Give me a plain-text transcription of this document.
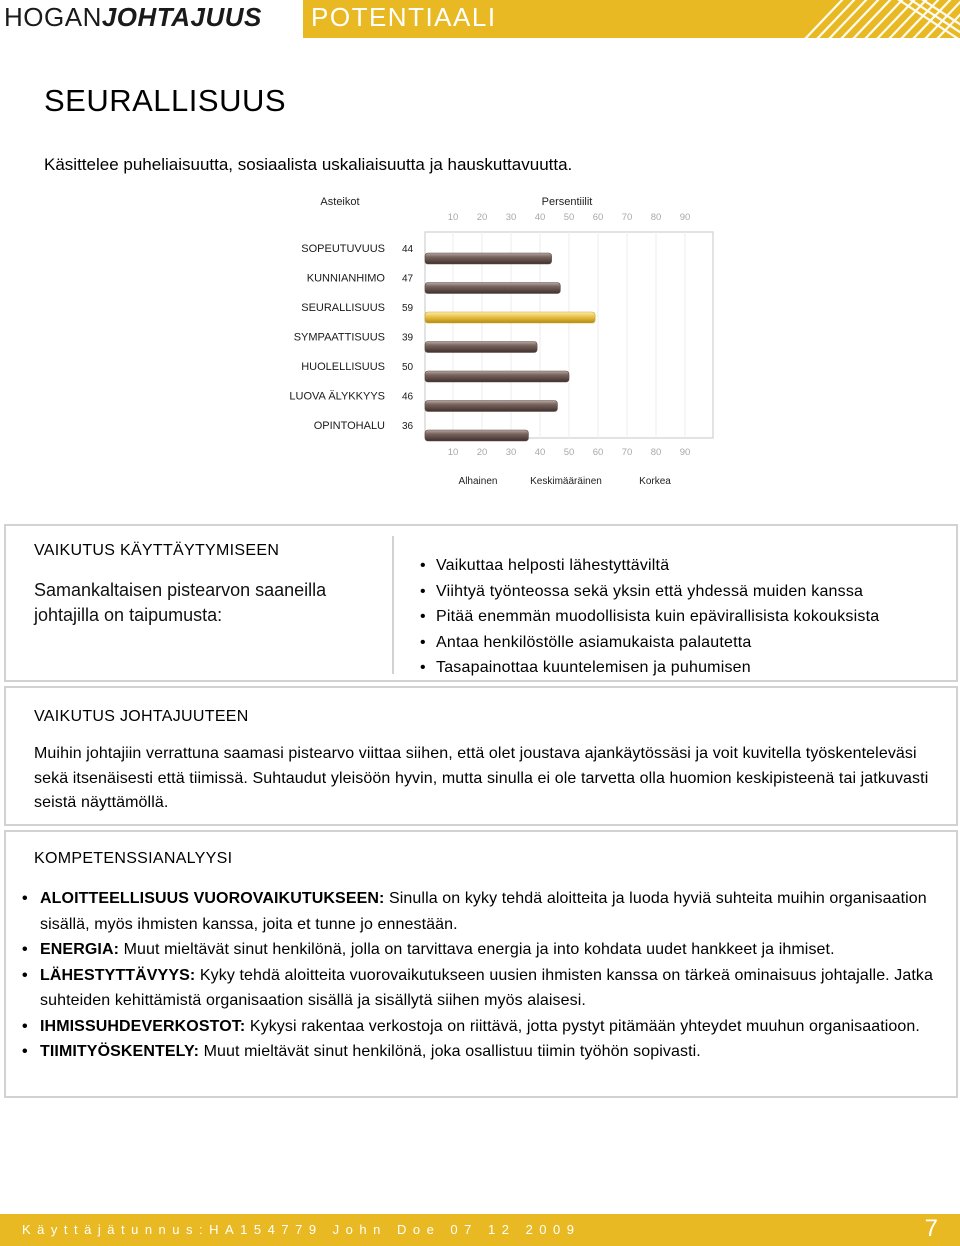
HOGANJOHTAJUUS POTENTIAALI
SEURALLISUUS
Käsittelee puheliaisuutta, sosiaalista uskaliaisuutta ja hauskuttavuutta.
Asteikot	Persentiilit
10
10
20
20
30
30
40
40
50
50
60
60
70
70
80
80
90
90
Alhainen	Keskimääräinen	Korkea
SOPEUTUVUUS 44
KUNNIANHIMO 47
SEURALLISUUS 59
SYMPAATTISUUS 39
HUOLELLISUUS 50
LUOVA ÄLYKKYYS 46
OPINTOHALU 36
VAIKUTUS KÄYTTÄYTYMISEEN
Samankaltaisen pistearvon saaneilla johtajilla on taipumusta:
• Vaikuttaa helposti lähestyttäviltä
• Viihtyä työnteossa sekä yksin että yhdessä muiden kanssa
• Pitää enemmän muodollisista kuin epävirallisista kokouksista
• Antaa henkilöstölle asiamukaista palautetta
• Tasapainottaa kuuntelemisen ja puhumisen
VAIKUTUS JOHTAJUUTEEN
Muihin johtajiin verrattuna saamasi pistearvo viittaa siihen, että olet joustava ajankäytössäsi ja voit kuvitella työskenteleväsi sekä itsenäisesti että tiimissä. Suhtaudut yleisöön hyvin, mutta sinulla ei ole tarvetta olla huomion keskipisteenä tai jatkuvasti seistä näyttämöllä.
KOMPETENSSIANALYYSI
• ALOITTEELLISUUS VUOROVAIKUTUKSEEN: Sinulla on kyky tehdä aloitteita ja luoda hyviä suhteita muihin organisaation sisällä, myös ihmisten kanssa, joita et tunne jo ennestään.
• ENERGIA: Muut mieltävät sinut henkilönä, jolla on tarvittava energia ja into kohdata uudet hankkeet ja ihmiset.
• LÄHESTYTTÄVYYS: Kyky tehdä aloitteita vuorovaikutukseen uusien ihmisten kanssa on tärkeä ominaisuus johtajalle. Jatka suhteiden kehittämistä organisaation sisällä ja sisällytä siihen myös alaisesi.
• IHMISSUHDEVERKOSTOT: Kykysi rakentaa verkostoja on riittävä, jotta pystyt pitämään yhteydet muuhun organisaatioon.
• TIIMITYÖSKENTELY: Muut mieltävät sinut henkilönä, joka osallistuu tiimin työhön sopivasti.
Käyttäjätunnus:HA154779 John Doe 07 12 2009	7
